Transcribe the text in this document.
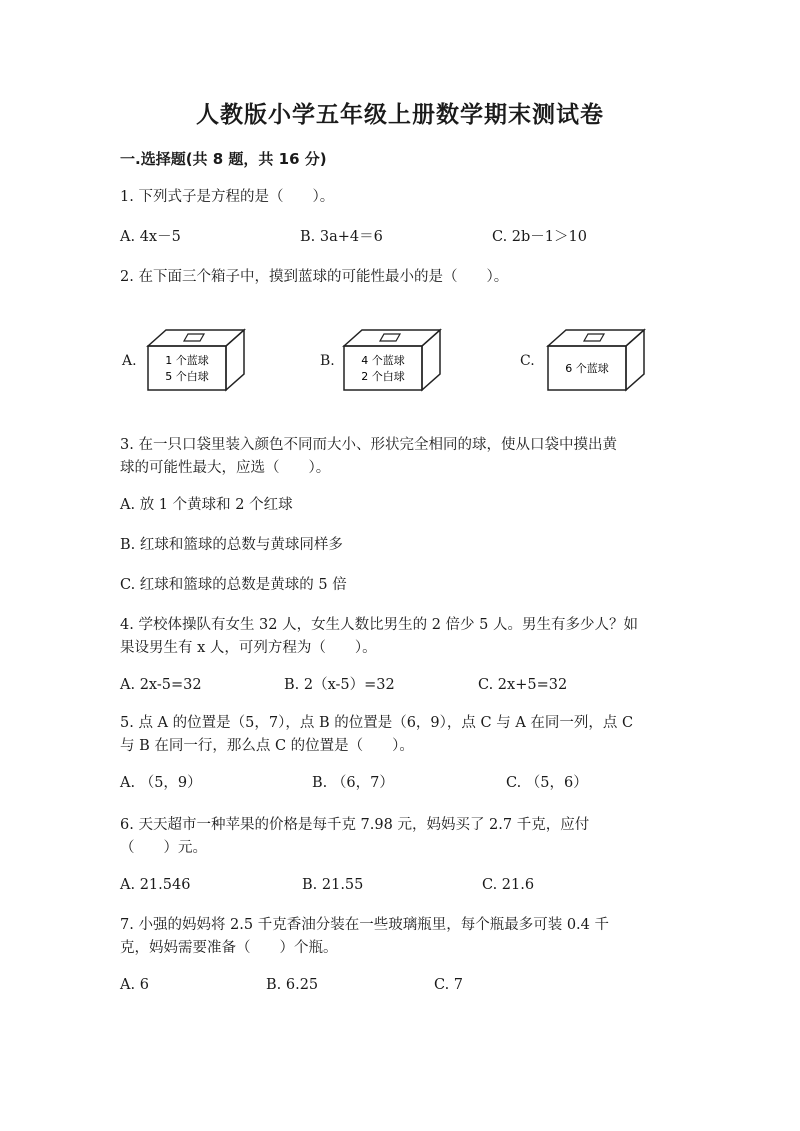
人教版小学五年级上册数学期末测试卷
一.选择题(共 8 题，共 16 分)
1. 下列式子是方程的是（　　）。
A. 4x－5	B. 3a+4＝6	C. 2b－1＞10
2. 在下面三个箱子中，摸到蓝球的可能性最小的是（　　）。
A.	1 个蓝球
5 个白球
B. 4 个蓝球
2 个白球
C.	6 个蓝球
3. 在一只口袋里装入颜色不同而大小、形状完全相同的球，使从口袋中摸出黄
球的可能性最大，应选（　　）。
A. 放 1 个黄球和 2 个红球
B. 红球和篮球的总数与黄球同样多
C. 红球和篮球的总数是黄球的 5 倍
4. 学校体操队有女生 32 人，女生人数比男生的 2 倍少 5 人。男生有多少人？如
果设男生有 x 人，可列方程为（　　）。
A. 2x-5=32	B. 2（x-5）=32	C. 2x+5=32
5. 点 A 的位置是（5，7），点 B 的位置是（6，9），点 C 与 A 在同一列，点 C
与 B 在同一行，那么点 C 的位置是（　　）。
A. （5，9）	B. （6，7）	C. （5，6）
6. 天天超市一种苹果的价格是每千克 7.98 元，妈妈买了 2.7 千克，应付
（　　）元。
A. 21.546	B. 21.55	C. 21.6
7. 小强的妈妈将 2.5 千克香油分装在一些玻璃瓶里，每个瓶最多可装 0.4 千
克，妈妈需要准备（　　）个瓶。
A. 6	B. 6.25	C. 7
